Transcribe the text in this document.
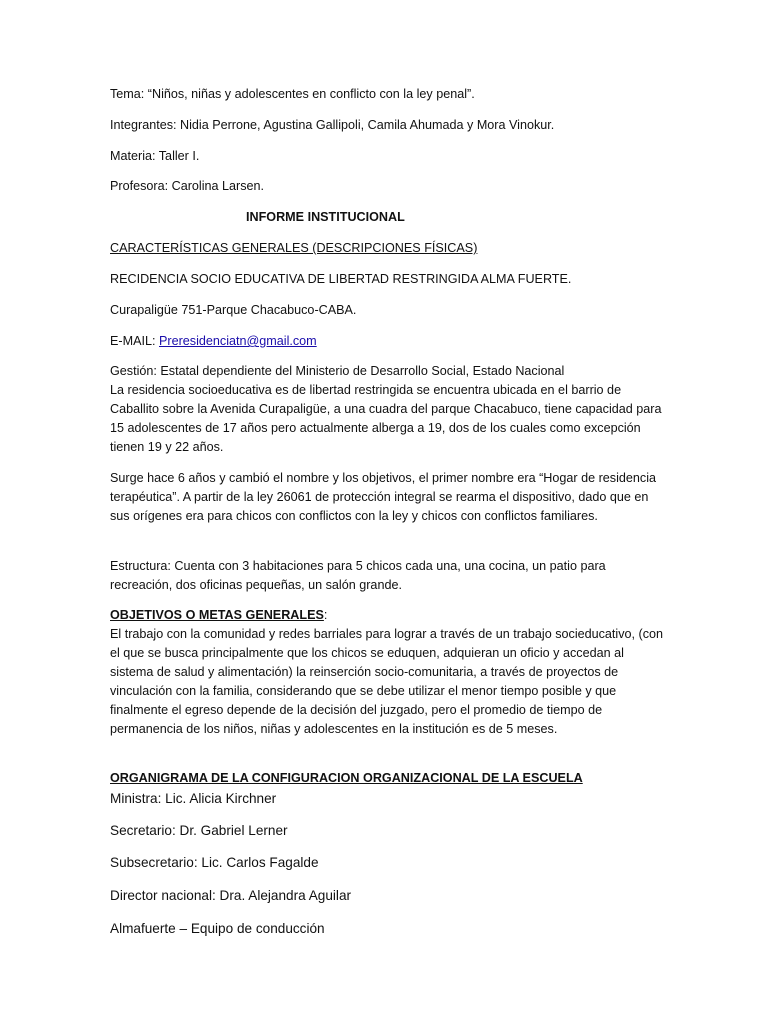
Tema: “Niños, niñas y adolescentes en conflicto con la ley penal”.

Integrantes: Nidia Perrone, Agustina Gallipoli, Camila Ahumada y Mora Vinokur.

Materia: Taller I.

Profesora: Carolina Larsen.

INFORME INSTITUCIONAL

CARACTERÍSTICAS GENERALES (DESCRIPCIONES FÍSICAS)

RECIDENCIA SOCIO EDUCATIVA DE LIBERTAD RESTRINGIDA ALMA FUERTE.

Curapaligüe 751-Parque Chacabuco-CABA.

E-MAIL: Preresidenciatn@gmail.com

Gestión: Estatal dependiente del Ministerio de Desarrollo Social, Estado Nacional

La residencia socioeducativa es de libertad restringida se encuentra ubicada en el barrio de Caballito sobre la Avenida Curapaligüe, a una cuadra del parque Chacabuco, tiene capacidad para 15 adolescentes de 17 años pero actualmente alberga a 19, dos de los cuales como excepción tienen 19 y 22 años.

Surge hace 6 años y cambió el nombre y los objetivos, el primer nombre era “Hogar de residencia terapéutica”. A partir de la ley 26061 de protección integral se rearma el dispositivo, dado que en sus orígenes era para chicos con conflictos con la ley y chicos con conflictos familiares.

Estructura: Cuenta con 3 habitaciones para 5 chicos cada una, una cocina, un patio para recreación, dos oficinas pequeñas, un salón grande.

OBJETIVOS O METAS GENERALES:

El trabajo con la comunidad y redes barriales para lograr a través de un trabajo socieducativo, (con el que se busca principalmente que los chicos se eduquen, adquieran un oficio y accedan al sistema de salud y alimentación) la reinserción socio-comunitaria, a través de proyectos de vinculación con la familia, considerando que se debe utilizar el menor tiempo posible y que finalmente el egreso depende de la decisión del juzgado, pero el promedio de tiempo de permanencia de los niños, niñas y adolescentes en la institución es de 5 meses.

ORGANIGRAMA DE LA CONFIGURACION ORGANIZACIONAL DE LA ESCUELA

Ministra: Lic. Alicia Kirchner

Secretario: Dr. Gabriel Lerner

Subsecretario: Lic. Carlos Fagalde

Director nacional: Dra. Alejandra Aguilar

Almafuerte – Equipo de conducción
